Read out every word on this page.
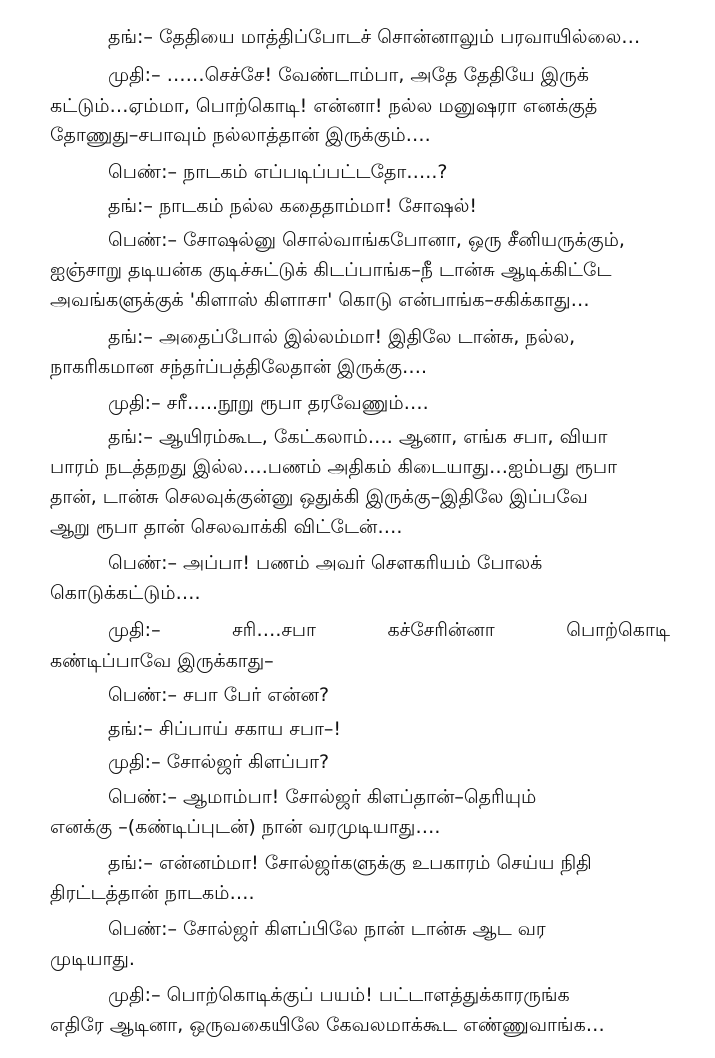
தங்:– தேதியை மாத்திப்போடச் சொன்னாலும் பரவாயில்லை…
முதி:– ……செச்சே! வேண்டாம்பா, அதே தேதியே இருக்
கட்டும்…ஏம்மா, பொற்கொடி! என்னா! நல்ல மனுஷரா எனக்குத்
தோணுது–சபாவும் நல்லாத்தான் இருக்கும்….
பெண்:– நாடகம் எப்படிப்பட்டதோ…..?
தங்:– நாடகம் நல்ல கதைதாம்மா! சோஷல்!
பெண்:– சோஷல்னு சொல்வாங்கபோனா, ஒரு சீனியருக்கும்,
ஐஞ்சாறு தடியன்க குடிச்சுட்டுக் கிடப்பாங்க–நீ டான்சு ஆடிக்கிட்டே
அவங்களுக்குக் 'கிளாஸ் கிளாசா' கொடு என்பாங்க–சகிக்காது…
தங்:– அதைப்போல் இல்லம்மா! இதிலே டான்சு, நல்ல,
நாகரிகமான சந்தர்ப்பத்திலேதான் இருக்கு….
முதி:– சரீ…..நூறு ரூபா தரவேணும்….
தங்:– ஆயிரம்கூட, கேட்கலாம்…. ஆனா, எங்க சபா, வியா
பாரம் நடத்தறது இல்ல….பணம் அதிகம் கிடையாது…ஐம்பது ரூபா
தான், டான்சு செலவுக்குன்னு ஒதுக்கி இருக்கு–இதிலே இப்பவே
ஆறு ரூபா தான் செலவாக்கி விட்டேன்….
பெண்:– அப்பா! பணம் அவர் சௌகரியம் போலக்
கொடுக்கட்டும்….
முதி:– சரி….சபா கச்சேரின்னா பொற்கொடி
கண்டிப்பாவே இருக்காது–
பெண்:– சபா பேர் என்ன?
தங்:– சிப்பாய் சகாய சபா–!
முதி:– சோல்ஜர் கிளப்பா?
பெண்:– ஆமாம்பா! சோல்ஜர் கிளப்தான்–தெரியும்
எனக்கு –(கண்டிப்புடன்) நான் வரமுடியாது….
தங்:– என்னம்மா! சோல்ஜர்களுக்கு உபகாரம் செய்ய நிதி
திரட்டத்தான் நாடகம்….
பெண்:– சோல்ஜர் கிளப்பிலே நான் டான்சு ஆட வர
முடியாது.
முதி:– பொற்கொடிக்குப் பயம்! பட்டாளத்துக்காரருங்க
எதிரே ஆடினா, ஒருவகையிலே கேவலமாக்கூட எண்ணுவாங்க…
